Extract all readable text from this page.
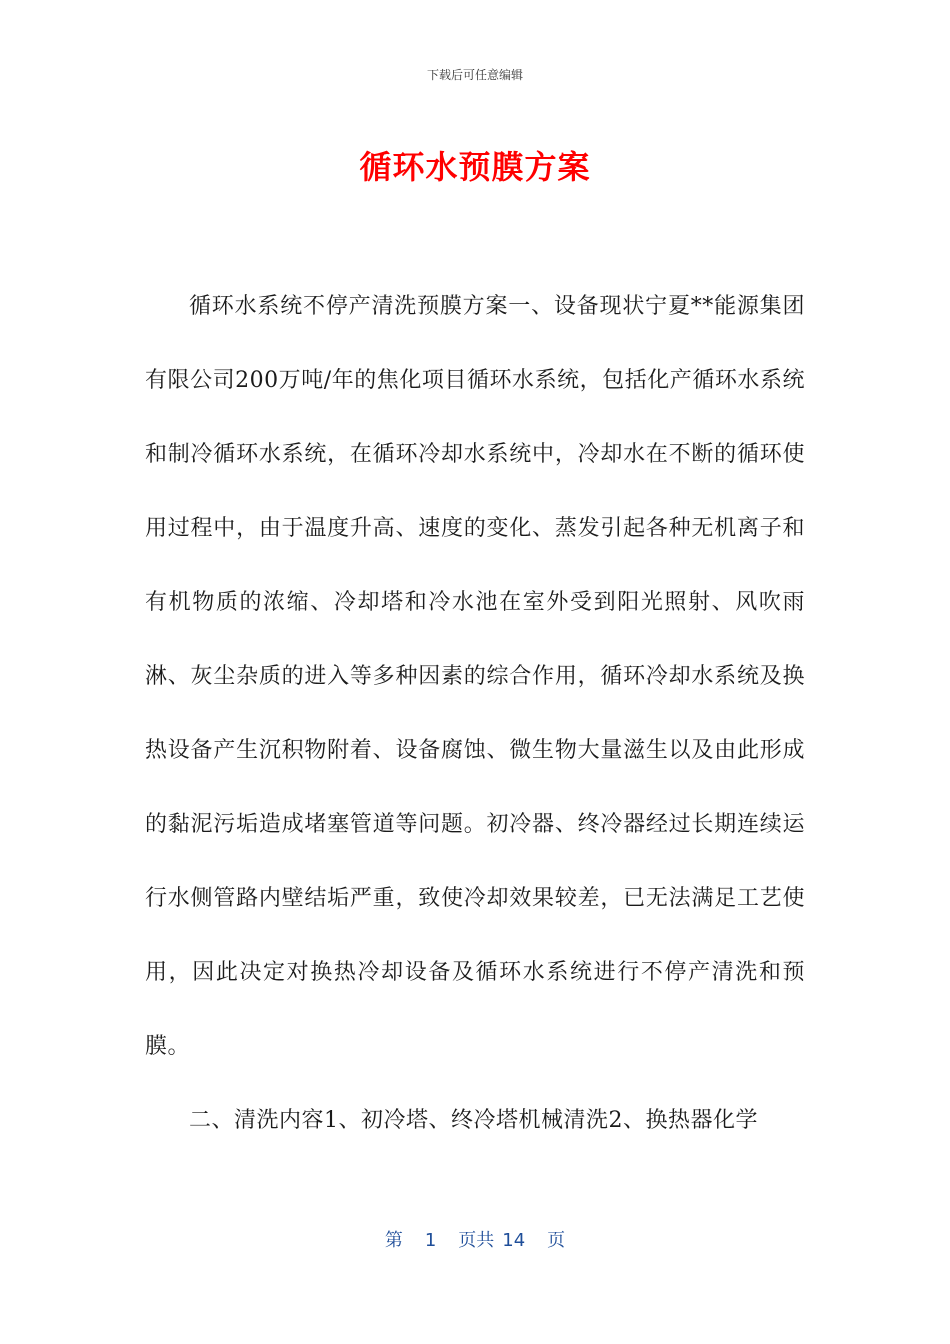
下载后可任意编辑
循环水预膜方案

循环水系统不停产清洗预膜方案一、设备现状宁夏**能源集团有限公司200万吨/年的焦化项目循环水系统，包括化产循环水系统和制冷循环水系统，在循环冷却水系统中，冷却水在不断的循环使用过程中，由于温度升高、速度的变化、蒸发引起各种无机离子和有机物质的浓缩、冷却塔和冷水池在室外受到阳光照射、风吹雨淋、灰尘杂质的进入等多种因素的综合作用，循环冷却水系统及换热设备产生沉积物附着、设备腐蚀、微生物大量滋生以及由此形成的黏泥污垢造成堵塞管道等问题。初冷器、终冷器经过长期连续运行水侧管路内壁结垢严重，致使冷却效果较差，已无法满足工艺使用，因此决定对换热冷却设备及循环水系统进行不停产清洗和预膜。

二、清洗内容1、初冷塔、终冷塔机械清洗2、换热器化学

第 1 页共 14 页
